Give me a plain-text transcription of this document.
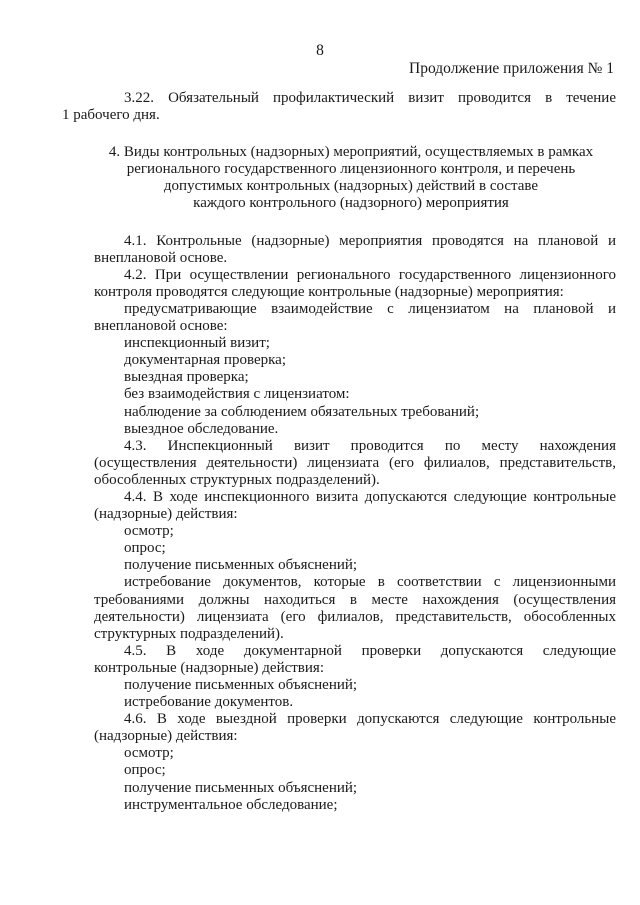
8
Продолжение приложения № 1

3.22. Обязательный профилактический визит проводится в течение

1 рабочего дня.

4. Виды контрольных (надзорных) мероприятий, осуществляемых в рамках

регионального государственного лицензионного контроля, и перечень

допустимых контрольных (надзорных) действий в составе

каждого контрольного (надзорного) мероприятия

4.1. Контрольные (надзорные) мероприятия проводятся на плановой и

внеплановой основе.

4.2. При осуществлении регионального государственного лицензионного

контроля проводятся следующие контрольные (надзорные) мероприятия:

предусматривающие взаимодействие с лицензиатом на плановой и

внеплановой основе:

инспекционный визит;

документарная проверка;

выездная проверка;

без взаимодействия с лицензиатом:

наблюдение за соблюдением обязательных требований;

выездное обследование.

4.3. Инспекционный визит проводится по месту нахождения

(осуществления деятельности) лицензиата (его филиалов, представительств,

обособленных структурных подразделений).

4.4. В ходе инспекционного визита допускаются следующие контрольные

(надзорные) действия:

осмотр;

опрос;

получение письменных объяснений;

истребование документов, которые в соответствии с лицензионными

требованиями должны находиться в месте нахождения (осуществления

деятельности) лицензиата (его филиалов, представительств, обособленных

структурных подразделений).

4.5. В ходе документарной проверки допускаются следующие

контрольные (надзорные) действия:

получение письменных объяснений;

истребование документов.

4.6. В ходе выездной проверки допускаются следующие контрольные

(надзорные) действия:

осмотр;

опрос;

получение письменных объяснений;

инструментальное обследование;
